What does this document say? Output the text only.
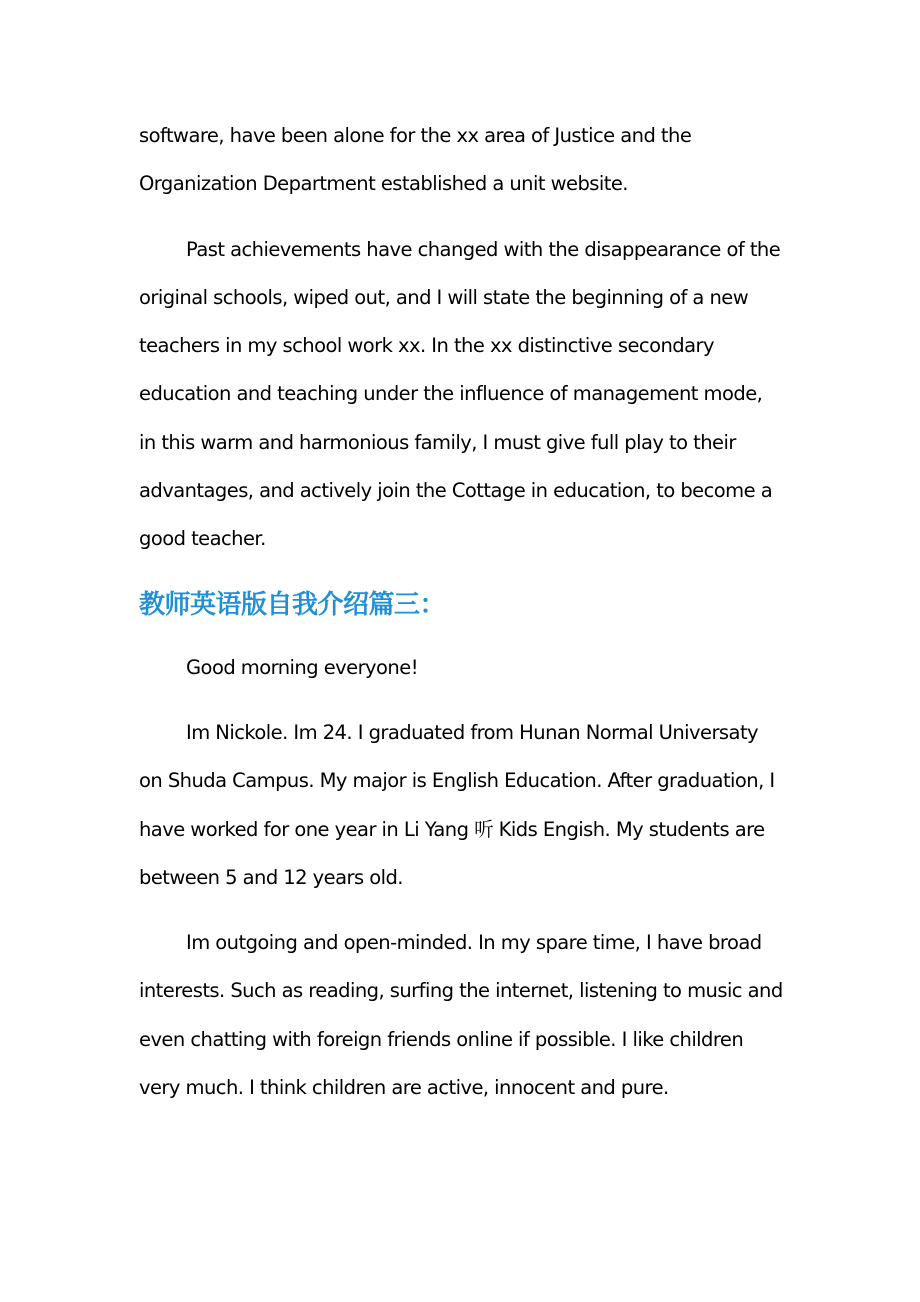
software, have been alone for the xx area of Justice and the Organization Department established a unit website.

Past achievements have changed with the disappearance of the original schools, wiped out, and I will state the beginning of a new teachers in my school work xx. In the xx distinctive secondary education and teaching under the influence of management mode, in this warm and harmonious family, I must give full play to their advantages, and actively join the Cottage in education, to become a good teacher.

教师英语版自我介绍篇三：

Good morning everyone!

Im Nickole. Im 24. I graduated from Hunan Normal Universaty on Shuda Campus. My major is English Education. After graduation, I have worked for one year in Li Yang 听 Kids Engish. My students are between 5 and 12 years old.

Im outgoing and open-minded. In my spare time, I have broad interests. Such as reading, surfing the internet, listening to music and even chatting with foreign friends online if possible. I like children very much. I think children are active, innocent and pure.
